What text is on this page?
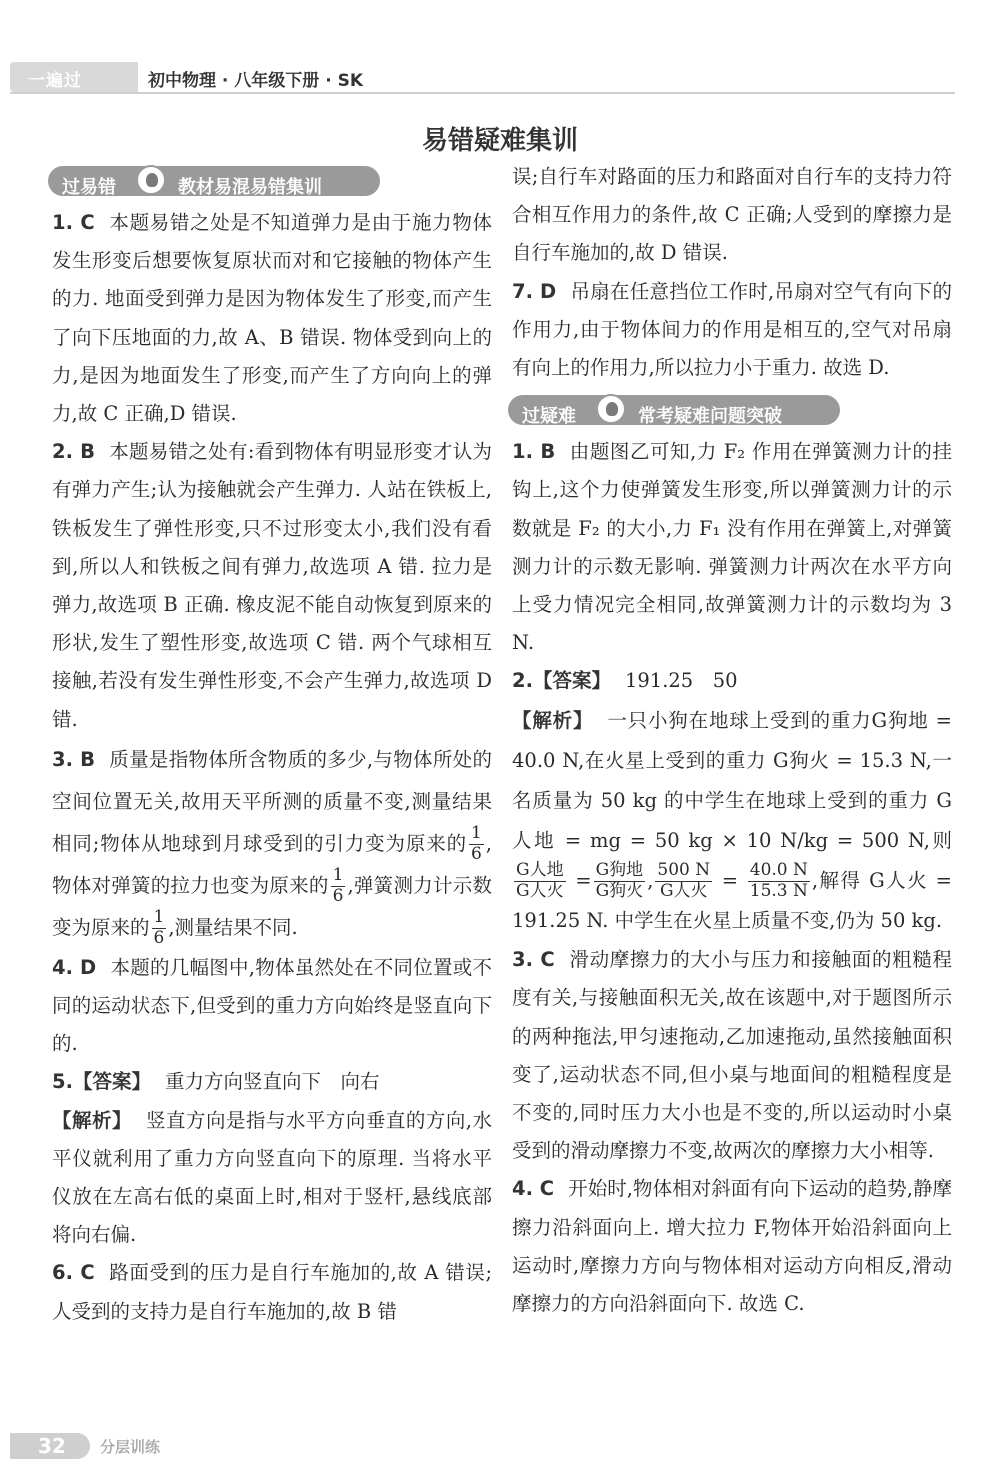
一遍过	初中物理 · 八年级下册 · SK
易错疑难集训
过易错	教材易混易错集训

1. C 本题易错之处是不知道弹力是由于施力物体发生形变后想要恢复原状而对和它接触的物体产生的力. 地面受到弹力是因为物体发生了形变,而产生了向下压地面的力,故 A、B 错误. 物体受到向上的力,是因为地面发生了形变,而产生了方向向上的弹力,故 C 正确,D 错误.

2. B 本题易错之处有:看到物体有明显形变才认为有弹力产生;认为接触就会产生弹力. 人站在铁板上,铁板发生了弹性形变,只不过形变太小,我们没有看到,所以人和铁板之间有弹力,故选项 A 错. 拉力是弹力,故选项 B 正确. 橡皮泥不能自动恢复到原来的形状,发生了塑性形变,故选项 C 错. 两个气球相互接触,若没有发生弹性形变,不会产生弹力,故选项 D 错.

3. B 质量是指物体所含物质的多少,与物体所处的空间位置无关,故用天平所测的质量不变,测量结果相同;物体从地球到月球受到的引力变为原来的 $\frac{1}{6}$ ,物体对弹簧的拉力也变为原来的 $\frac{1}{6}$ ,弹簧测力计示数变为原来的 $\frac{1}{6}$ ,测量结果不同.

4. D 本题的几幅图中,物体虽然处在不同位置或不同的运动状态下,但受到的重力方向始终是竖直向下的.

5.【答案】 重力方向竖直向下　向右

【解析】 竖直方向是指与水平方向垂直的方向,水平仪就利用了重力方向竖直向下的原理. 当将水平仪放在左高右低的桌面上时,相对于竖杆,悬线底部将向右偏.

6. C 路面受到的压力是自行车施加的,故 A 错误;人受到的支持力是自行车施加的,故 B 错

误;自行车对路面的压力和路面对自行车的支持力符合相互作用力的条件,故 C 正确;人受到的摩擦力是自行车施加的,故 D 错误.

7. D 吊扇在任意挡位工作时,吊扇对空气有向下的作用力,由于物体间力的作用是相互的,空气对吊扇有向上的作用力,所以拉力小于重力. 故选 D.

过疑难	常考疑难问题突破

1. B 由题图乙可知,力 F₂ 作用在弹簧测力计的挂钩上,这个力使弹簧发生形变,所以弹簧测力计的示数就是 F₂ 的大小,力 F₁ 没有作用在弹簧上,对弹簧测力计的示数无影响. 弹簧测力计两次在水平方向上受力情况完全相同,故弹簧测力计的示数均为 3 N.

2.【答案】 191.25　50

【解析】 一只小狗在地球上受到的重力G狗地 = 40.0 N,在火星上受到的重力 G狗火 = 15.3 N,一名质量为 50 kg 的中学生在地球上受到的重力 G人地 = mg = 50 kg × 10 N/kg = 500 N,则
$\frac{\text{G人地}}{\text{G人火}} = \frac{\text{G狗地}}{\text{G狗火}}$ , $\frac{500 N}{\text{G人火}} = \frac{40.0 N}{15.3 N}$ ,解得 G人火 = 191.25 N. 中学生在火星上质量不变,仍为 50 kg.

3. C 滑动摩擦力的大小与压力和接触面的粗糙程度有关,与接触面积无关,故在该题中,对于题图所示的两种拖法,甲匀速拖动,乙加速拖动,虽然接触面积变了,运动状态不同,但小桌与地面间的粗糙程度是不变的,同时压力大小也是不变的,所以运动时小桌受到的滑动摩擦力不变,故两次的摩擦力大小相等.

4. C 开始时,物体相对斜面有向下运动的趋势,静摩擦力沿斜面向上. 增大拉力 F,物体开始沿斜面向上运动时,摩擦力方向与物体相对运动方向相反,滑动摩擦力的方向沿斜面向下. 故选 C.

32 分层训练
